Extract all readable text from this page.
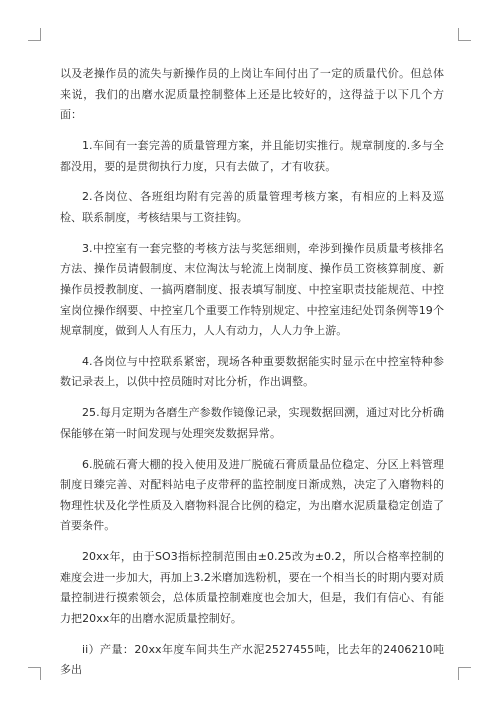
以及老操作员的流失与新操作员的上岗让车间付出了一定的质量代价。但总体来说，我们的出磨水泥质量控制整体上还是比较好的，这得益于以下几个方面：

1.车间有一套完善的质量管理方案，并且能切实推行。规章制度的.多与全都没用，要的是贯彻执行力度，只有去做了，才有收获。

2.各岗位、各班组均附有完善的质量管理考核方案，有相应的上料及巡检、联系制度，考核结果与工资挂钩。

3.中控室有一套完整的考核方法与奖惩细则，牵涉到操作员质量考核排名方法、操作员请假制度、末位淘汰与轮流上岗制度、操作员工资核算制度、新操作员授教制度、一搞两磨制度、报表填写制度、中控室职责技能规范、中控室岗位操作纲要、中控室几个重要工作特别规定、中控室违纪处罚条例等19个规章制度，做到人人有压力，人人有动力，人人力争上游。

4.各岗位与中控联系紧密，现场各种重要数据能实时显示在中控室特种参数记录表上，以供中控员随时对比分析，作出调整。

25.每月定期为各磨生产参数作镜像记录，实现数据回溯，通过对比分析确保能够在第一时间发现与处理突发数据异常。

6.脱硫石膏大棚的投入使用及进厂脱硫石膏质量品位稳定、分区上料管理制度日臻完善、对配料站电子皮带秤的监控制度日渐成熟，决定了入磨物料的物理性状及化学性质及入磨物料混合比例的稳定，为出磨水泥质量稳定创造了首要条件。

20xx年，由于SO3指标控制范围由±0.25改为±0.2，所以合格率控制的难度会进一步加大，再加上3.2米磨加选粉机，要在一个相当长的时期内要对质量控制进行摸索领会，总体质量控制难度也会加大，但是，我们有信心、有能力把20xx年的出磨水泥质量控制好。

ii）产量：20xx年度车间共生产水泥2527455吨，比去年的2406210吨多出
